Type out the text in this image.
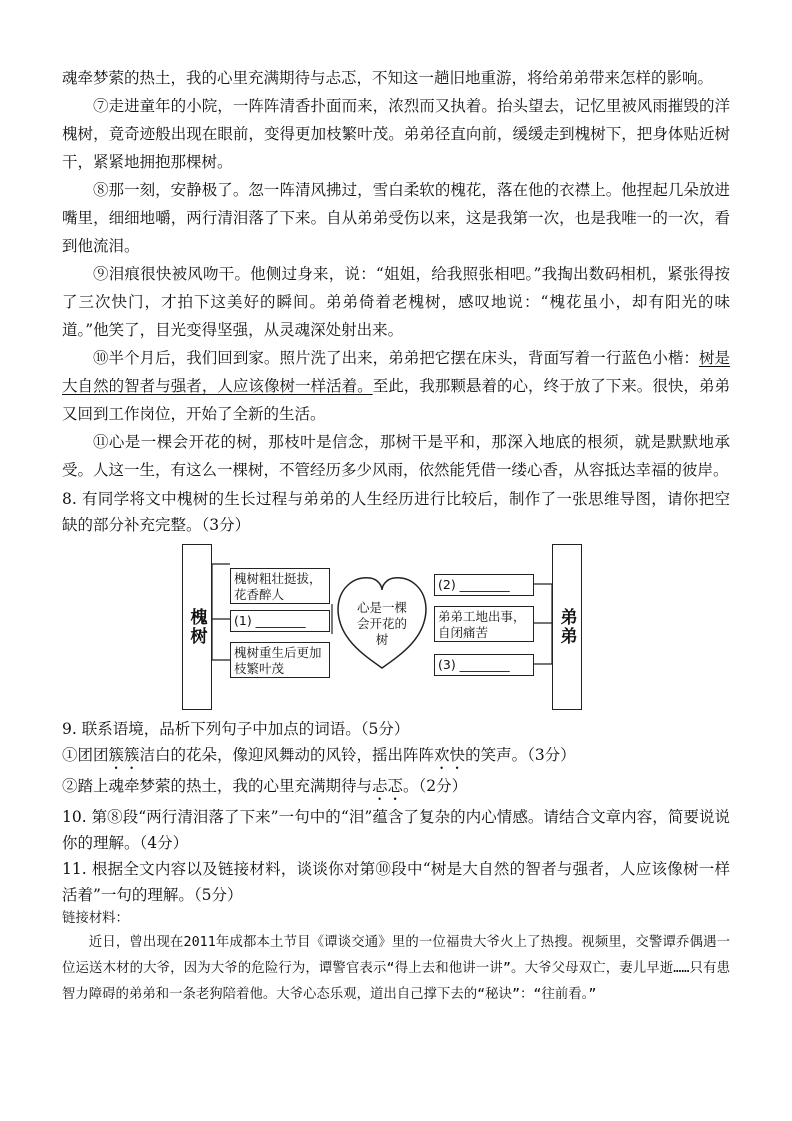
魂牵梦萦的热土，我的心里充满期待与忐忑，不知这一趟旧地重游，将给弟弟带来怎样的影响。

⑦走进童年的小院，一阵阵清香扑面而来，浓烈而又执着。抬头望去，记忆里被风雨摧毁的洋槐树，竟奇迹般出现在眼前，变得更加枝繁叶茂。弟弟径直向前，缓缓走到槐树下，把身体贴近树干，紧紧地拥抱那棵树。

⑧那一刻，安静极了。忽一阵清风拂过，雪白柔软的槐花，落在他的衣襟上。他捏起几朵放进嘴里，细细地嚼，两行清泪落了下来。自从弟弟受伤以来，这是我第一次，也是我唯一的一次，看到他流泪。

⑨泪痕很快被风吻干。他侧过身来，说：“姐姐，给我照张相吧。”我掏出数码相机，紧张得按了三次快门，才拍下这美好的瞬间。弟弟倚着老槐树，感叹地说：“槐花虽小，却有阳光的味道。”他笑了，目光变得坚强，从灵魂深处射出来。

⑩半个月后，我们回到家。照片洗了出来，弟弟把它摆在床头，背面写着一行蓝色小楷：树是大自然的智者与强者，人应该像树一样活着。至此，我那颗悬着的心，终于放了下来。很快，弟弟又回到工作岗位，开始了全新的生活。

⑪心是一棵会开花的树，那枝叶是信念，那树干是平和，那深入地底的根须，就是默默地承受。人这一生，有这么一棵树，不管经历多少风雨，依然能凭借一缕心香，从容抵达幸福的彼岸。

8. 有同学将文中槐树的生长过程与弟弟的人生经历进行比较后，制作了一张思维导图，请你把空缺的部分补充完整。（3分）

槐树	弟弟
槐树粗壮挺拔，花香醉人
(1) ________
槐树重生后更加枝繁叶茂
心是一棵会开花的树
(2) ________
弟弟工地出事，自闭痛苦
(3) ________

9. 联系语境，品析下列句子中加点的词语。（5分）

①团团簇簇洁白的花朵，像迎风舞动的风铃，摇出阵阵欢快的笑声。（3分）

②踏上魂牵梦萦的热土，我的心里充满期待与忐忑。（2分）

10. 第⑧段“两行清泪落了下来”一句中的“泪”蕴含了复杂的内心情感。请结合文章内容，简要说说你的理解。（4分）

11. 根据全文内容以及链接材料，谈谈你对第⑩段中“树是大自然的智者与强者，人应该像树一样活着”一句的理解。（5分）

链接材料：

近日，曾出现在2011年成都本土节目《谭谈交通》里的一位福贵大爷火上了热搜。视频里，交警谭乔偶遇一位运送木材的大爷，因为大爷的危险行为，谭警官表示“得上去和他讲一讲”。大爷父母双亡，妻儿早逝……只有患智力障碍的弟弟和一条老狗陪着他。大爷心态乐观，道出自己撑下去的“秘诀”：“往前看。”
